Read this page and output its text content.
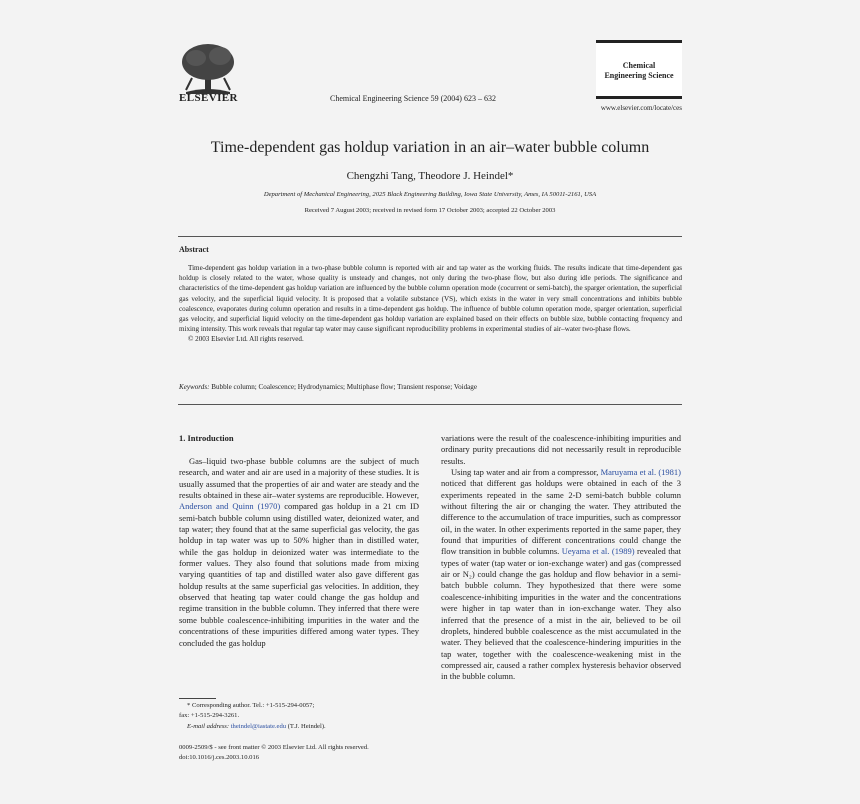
ELSEVIER	Chemical Engineering Science 59 (2004) 623 – 632
Chemical
Engineering Science
www.elsevier.com/locate/ces
Time-dependent gas holdup variation in an air–water bubble column
Chengzhi Tang, Theodore J. Heindel*
Department of Mechanical Engineering, 2025 Black Engineering Building, Iowa State University, Ames, IA 50011-2161, USA
Received 7 August 2003; received in revised form 17 October 2003; accepted 22 October 2003
Abstract

Time-dependent gas holdup variation in a two-phase bubble column is reported with air and tap water as the working fluids. The results indicate that time-dependent gas holdup is closely related to the water, whose quality is unsteady and changes, not only during the two-phase flow, but also during idle periods. The significance and characteristics of the time-dependent gas holdup variation are influenced by the bubble column operation mode (cocurrent or semi-batch), the sparger orientation, the superficial gas velocity, and the superficial liquid velocity. It is proposed that a volatile substance (VS), which exists in the water in very small concentrations and inhibits bubble coalescence, evaporates during column operation and results in a time-dependent gas holdup. The influence of bubble column operation mode, sparger orientation, superficial gas velocity, and superficial liquid velocity on the time-dependent gas holdup variation are explained based on their effects on bubble size, bubble contacting frequency and mixing intensity. This work reveals that regular tap water may cause significant reproducibility problems in experimental studies of air–water two-phase flows.

© 2003 Elsevier Ltd. All rights reserved.

Keywords: Bubble column; Coalescence; Hydrodynamics; Multiphase flow; Transient response; Voidage
1. Introduction

Gas–liquid two-phase bubble columns are the subject of much research, and water and air are used in a majority of these studies. It is usually assumed that the properties of air and water are steady and the results obtained in these air–water systems are reproducible. However, Anderson and Quinn (1970) compared gas holdup in a 21 cm ID semi-batch bubble column using distilled water, deionized water, and tap water; they found that at the same superficial gas velocity, the gas holdup in tap water was up to 50% higher than in distilled water, while the gas holdup in deionized water was intermediate to the former values. They also found that solutions made from mixing varying quantities of tap and distilled water also gave different gas holdup results at the same superficial gas velocities. In addition, they observed that heating tap water could change the gas holdup and regime transition in the bubble column. They inferred that there were some bubble coalescence-inhibiting impurities in the water and the concentrations of these impurities differed among water types. They concluded the gas holdup

variations were the result of the coalescence-inhibiting impurities and ordinary purity precautions did not necessarily result in reproducible results.

Using tap water and air from a compressor, Maruyama et al. (1981) noticed that different gas holdups were obtained in each of the 3 experiments repeated in the same 2-D semi-batch bubble column without filtering the air or changing the water. They attributed the difference to the accumulation of trace impurities, such as compressor oil, in the water. In other experiments reported in the same paper, they found that impurities of different concentrations could change the flow transition in bubble columns. Ueyama et al. (1989) revealed that types of water (tap water or ion-exchange water) and gas (compressed air or N₂) could change the gas holdup and flow behavior in a semi-batch bubble column. They hypothesized that there were some coalescence-inhibiting impurities in the water and the concentrations were higher in tap water than in ion-exchange water. They also inferred that the presence of a mist in the air, believed to be oil droplets, hindered bubble coalescence as the mist accumulated in the water. They believed that the coalescence-hindering impurities in the tap water, together with the coalescence-weakening mist in the compressed air, caused a rather complex hysteresis behavior observed in the bubble column.

* Corresponding author. Tel.: +1-515-294-0057;
fax: +1-515-294-3261.
E-mail address: theindel@iastate.edu (T.J. Heindel).
0009-2509/$ - see front matter © 2003 Elsevier Ltd. All rights reserved.
doi:10.1016/j.ces.2003.10.016
